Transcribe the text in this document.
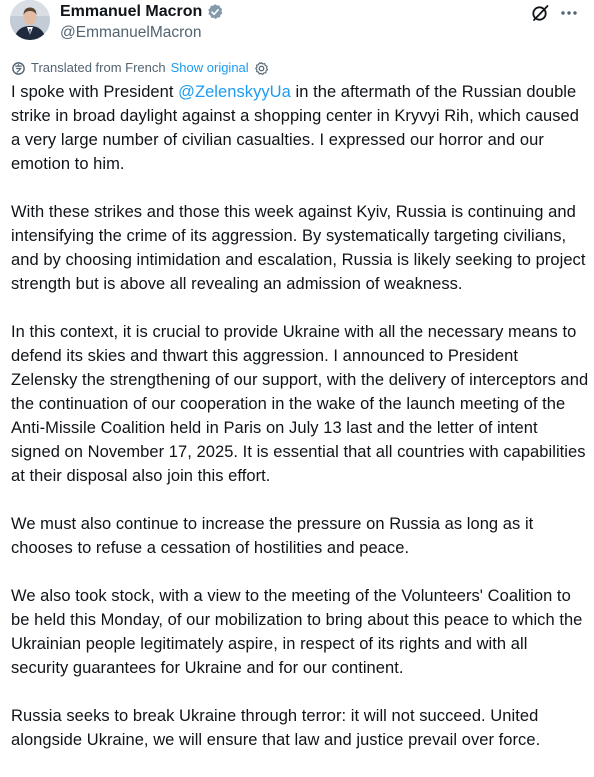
Emmanuel Macron
@EmmanuelMacron
Translated from French Show original

I spoke with President @ZelenskyyUa in the aftermath of the Russian double strike in broad daylight against a shopping center in Kryvyi Rih, which caused a very large number of civilian casualties. I expressed our horror and our emotion to him.

With these strikes and those this week against Kyiv, Russia is continuing and intensifying the crime of its aggression. By systematically targeting civilians, and by choosing intimidation and escalation, Russia is likely seeking to project strength but is above all revealing an admission of weakness.

In this context, it is crucial to provide Ukraine with all the necessary means to defend its skies and thwart this aggression. I announced to President Zelensky the strengthening of our support, with the delivery of interceptors and the continuation of our cooperation in the wake of the launch meeting of the Anti-Missile Coalition held in Paris on July 13 last and the letter of intent signed on November 17, 2025. It is essential that all countries with capabilities at their disposal also join this effort.

We must also continue to increase the pressure on Russia as long as it chooses to refuse a cessation of hostilities and peace.

We also took stock, with a view to the meeting of the Volunteers' Coalition to be held this Monday, of our mobilization to bring about this peace to which the Ukrainian people legitimately aspire, in respect of its rights and with all security guarantees for Ukraine and for our continent.

Russia seeks to break Ukraine through terror: it will not succeed. United alongside Ukraine, we will ensure that law and justice prevail over force.
